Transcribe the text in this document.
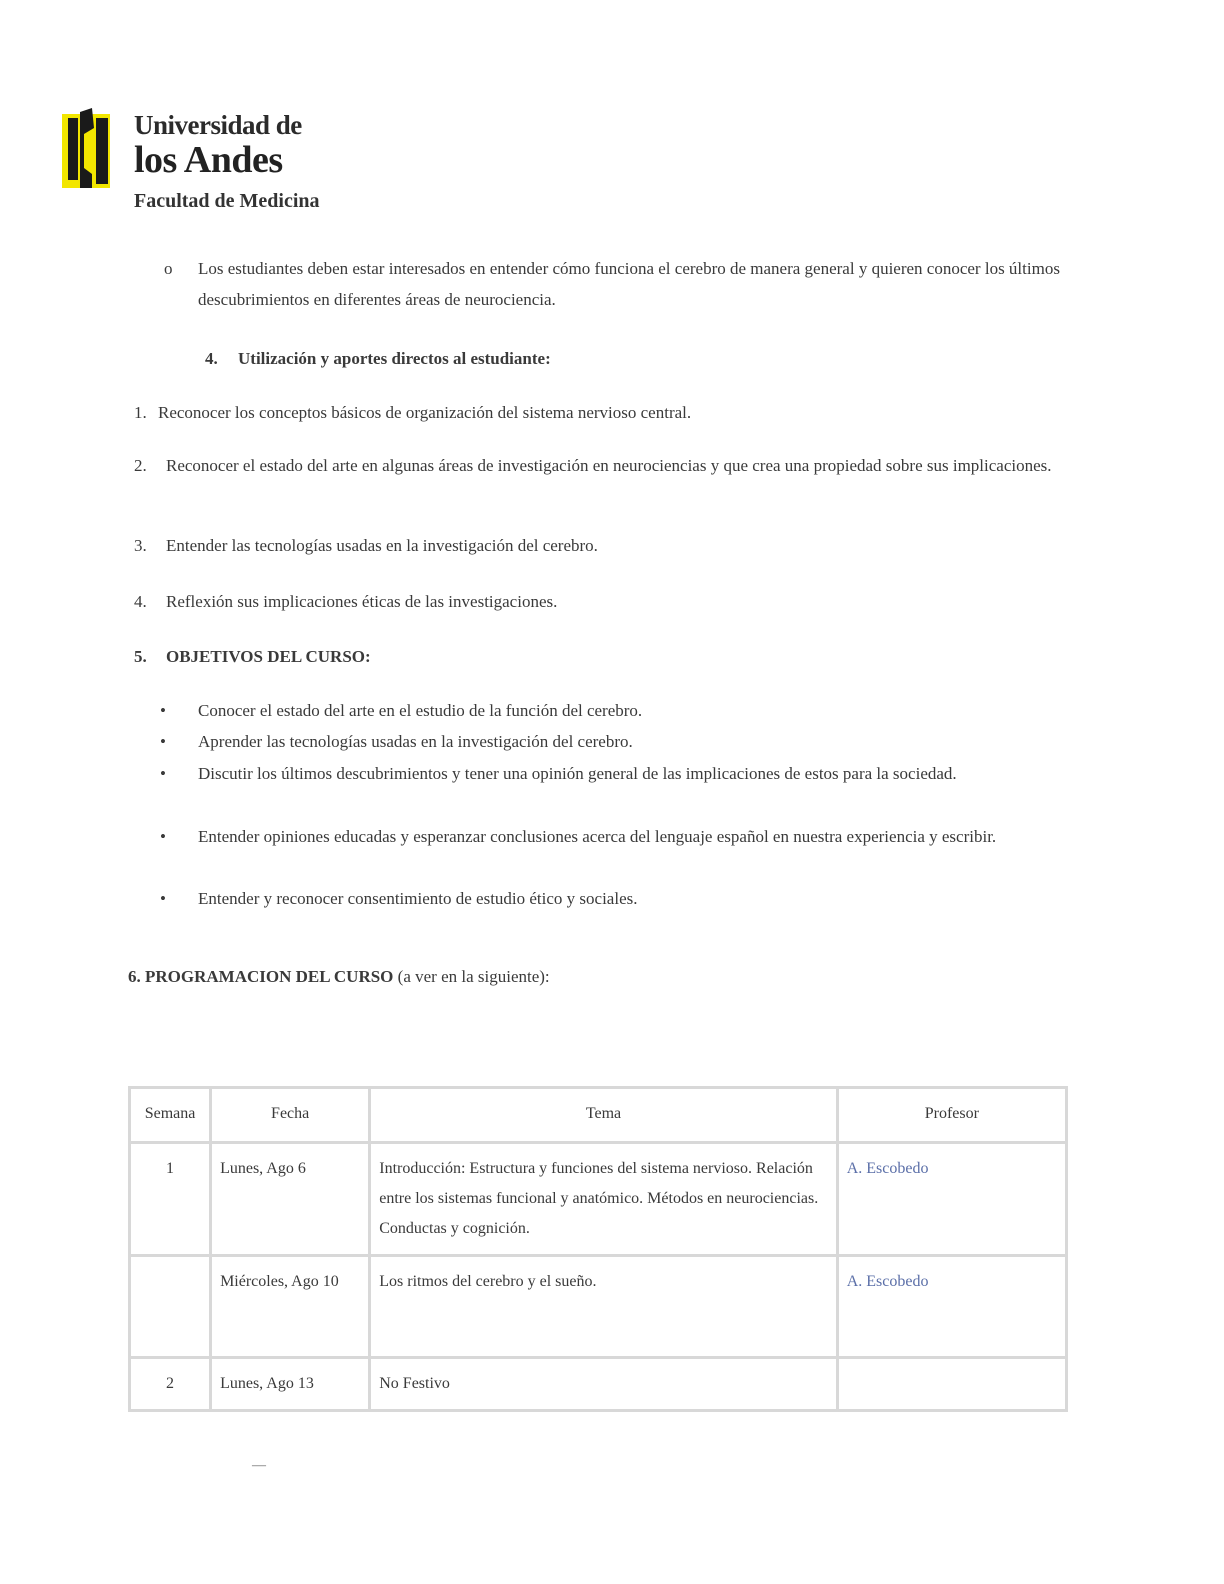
Universidad de
los Andes
Facultad de Medicina
o Los estudiantes deben estar interesados en entender cómo funciona el cerebro de manera general y quieren conocer los últimos descubrimientos en diferentes áreas de neurociencia.
4. Utilización y aportes directos al estudiante:
1. Reconocer los conceptos básicos de organización del sistema nervioso central.
2. Reconocer el estado del arte en algunas áreas de investigación en neurociencias y que crea una propiedad sobre sus implicaciones.
3. Entender las tecnologías usadas en la investigación del cerebro.
4. Reflexión sus implicaciones éticas de las investigaciones.
5. OBJETIVOS DEL CURSO:
• Conocer el estado del arte en el estudio de la función del cerebro.
• Aprender las tecnologías usadas en la investigación del cerebro.
• Discutir los últimos descubrimientos y tener una opinión general de las implicaciones de estos para la sociedad.
• Entender opiniones educadas y esperanzar conclusiones acerca del lenguaje español en nuestra experiencia y escribir.
• Entender y reconocer consentimiento de estudio ético y sociales.
6. PROGRAMACION DEL CURSO (a ver en la siguiente):
Semana	Fecha	Tema	Profesor
1	Lunes, Ago 6	Introducción: Estructura y funciones del sistema nervioso. Relación entre los sistemas funcional y anatómico. Métodos en neurociencias. Conductas y cognición.	A. Escobedo
	Miércoles, Ago 10	Los ritmos del cerebro y el sueño.	A. Escobedo
2	Lunes, Ago 13	No Festivo	
—
